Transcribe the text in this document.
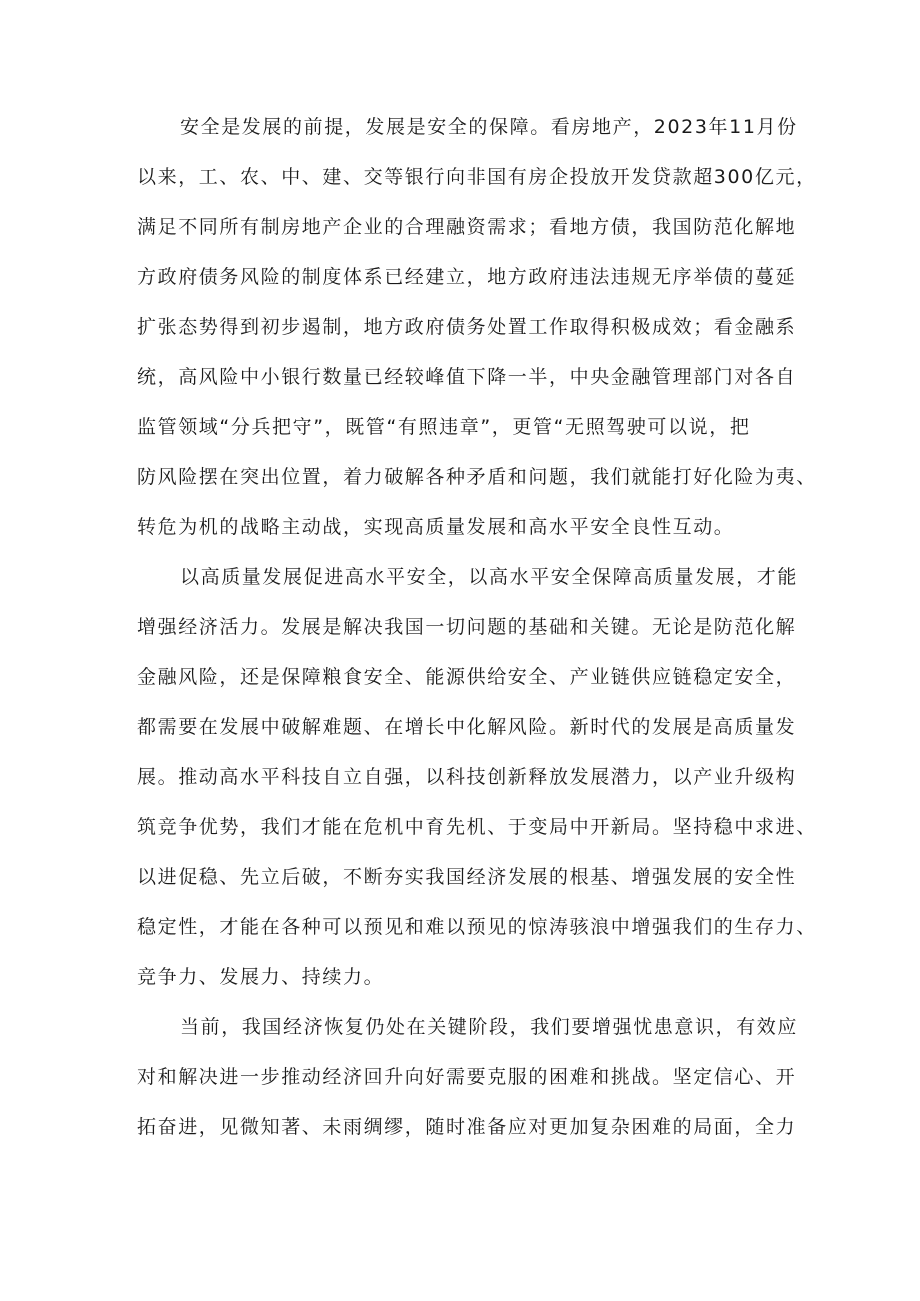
安全是发展的前提，发展是安全的保障。看房地产，2023年11月份
以来，工、农、中、建、交等银行向非国有房企投放开发贷款超300亿元，
满足不同所有制房地产企业的合理融资需求；看地方债，我国防范化解地
方政府债务风险的制度体系已经建立，地方政府违法违规无序举债的蔓延
扩张态势得到初步遏制，地方政府债务处置工作取得积极成效；看金融系
统，高风险中小银行数量已经较峰值下降一半，中央金融管理部门对各自
监管领域“分兵把守”，既管“有照违章”，更管“无照驾驶可以说，把
防风险摆在突出位置，着力破解各种矛盾和问题，我们就能打好化险为夷、
转危为机的战略主动战，实现高质量发展和高水平安全良性互动。
以高质量发展促进高水平安全，以高水平安全保障高质量发展，才能
增强经济活力。发展是解决我国一切问题的基础和关键。无论是防范化解
金融风险，还是保障粮食安全、能源供给安全、产业链供应链稳定安全，
都需要在发展中破解难题、在增长中化解风险。新时代的发展是高质量发
展。推动高水平科技自立自强，以科技创新释放发展潜力，以产业升级构
筑竞争优势，我们才能在危机中育先机、于变局中开新局。坚持稳中求进、
以进促稳、先立后破，不断夯实我国经济发展的根基、增强发展的安全性
稳定性，才能在各种可以预见和难以预见的惊涛骇浪中增强我们的生存力、
竞争力、发展力、持续力。
当前，我国经济恢复仍处在关键阶段，我们要增强忧患意识，有效应
对和解决进一步推动经济回升向好需要克服的困难和挑战。坚定信心、开
拓奋进，见微知著、未雨绸缪，随时准备应对更加复杂困难的局面，全力
